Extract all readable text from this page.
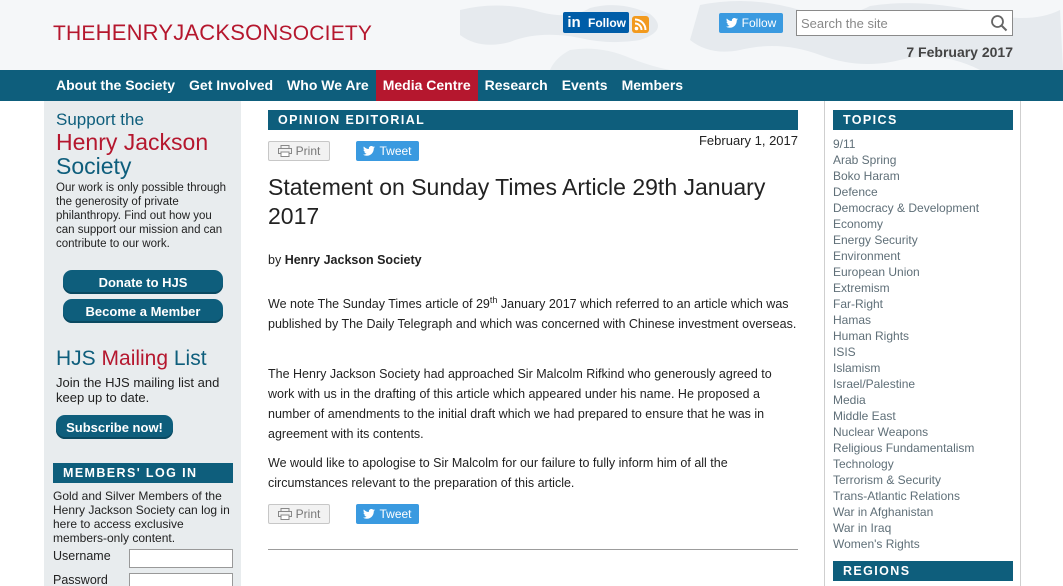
THEHENRYJACKSONSOCIETY	in Follow	Follow
Search the site
7 February 2017
About the Society	Get Involved	Who We Are	Media Centre	Research	Events	Members
Support the
Henry Jackson
Society

Our work is only possible through the generosity of private philanthropy. Find out how you can support our mission and can contribute to our work.

Donate to HJS
Become a Member
HJS Mailing List

Join the HJS mailing list and keep up to date.

Subscribe now!
MEMBERS' LOG IN

Gold and Silver Members of the Henry Jackson Society can log in here to access exclusive members-only content.

Username
Password
OPINION EDITORIAL
Print	Tweet
February 1, 2017
Statement on Sunday Times Article 29th January 2017
by Henry Jackson Society

We note The Sunday Times article of 29th January 2017 which referred to an article which was published by The Daily Telegraph and which was concerned with Chinese investment overseas.

The Henry Jackson Society had approached Sir Malcolm Rifkind who generously agreed to work with us in the drafting of this article which appeared under his name. He proposed a number of amendments to the initial draft which we had prepared to ensure that he was in agreement with its contents.

We would like to apologise to Sir Malcolm for our failure to fully inform him of all the circumstances relevant to the preparation of this article.

Print	Tweet
TOPICS
9/11
Arab Spring
Boko Haram
Defence
Democracy & Development
Economy
Energy Security
Environment
European Union
Extremism
Far-Right
Hamas
Human Rights
ISIS
Islamism
Israel/Palestine
Media
Middle East
Nuclear Weapons
Religious Fundamentalism
Technology
Terrorism & Security
Trans-Atlantic Relations
War in Afghanistan
War in Iraq
Women's Rights
REGIONS
